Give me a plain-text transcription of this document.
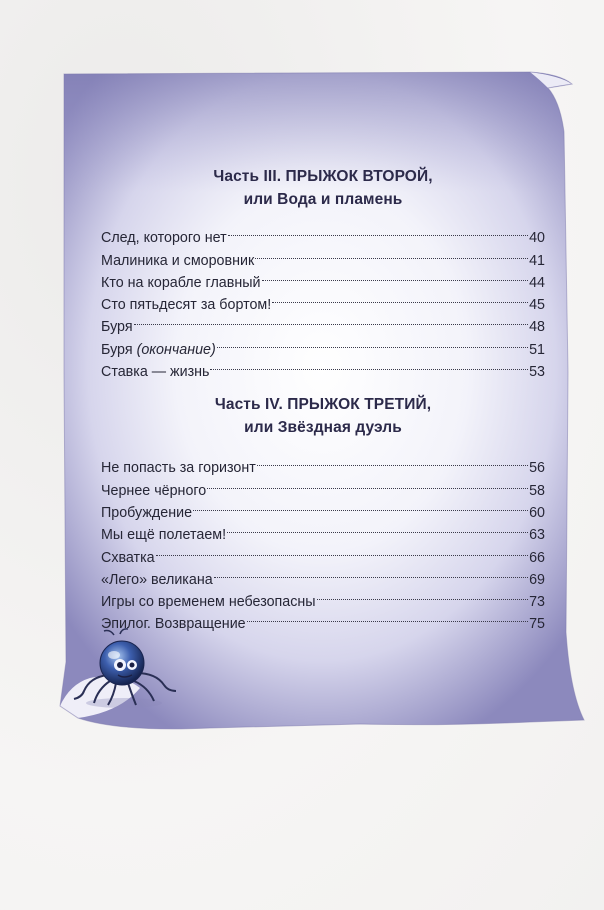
Часть III. ПРЫЖОК ВТОРОЙ,
или Вода и пламень
След, которого нет	40
Малиника и сморовник	41
Кто на корабле главный	44
Сто пятьдесят за бортом!	45
Буря	48
Буря (окончание)	51
Ставка — жизнь	53
Часть IV. ПРЫЖОК ТРЕТИЙ,
или Звёздная дуэль
Не попасть за горизонт	56
Чернее чёрного	58
Пробуждение	60
Мы ещё полетаем!	63
Схватка	66
«Лего» великана	69
Игры со временем небезопасны	73
Эпилог. Возвращение	75
